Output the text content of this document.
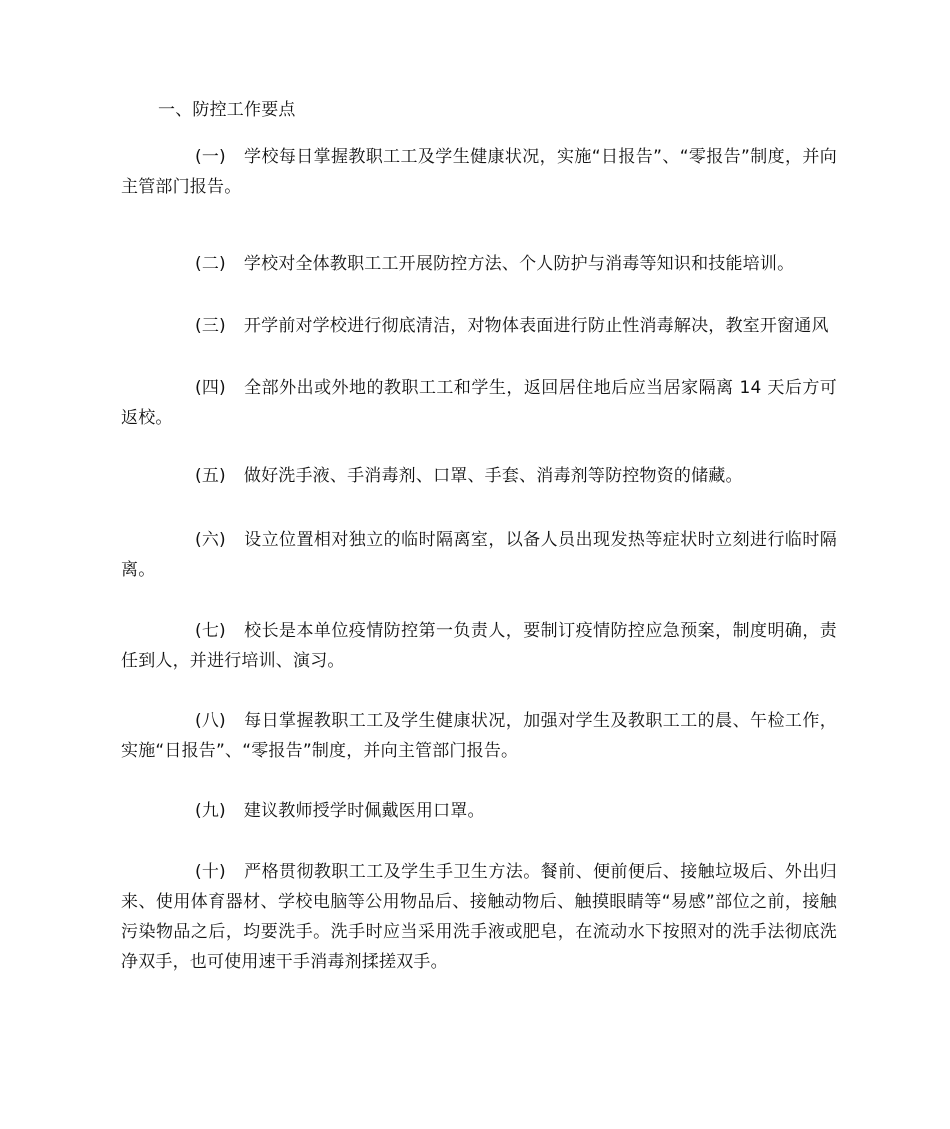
一、防控工作要点

(一) 学校每日掌握教职工工及学生健康状况，实施“日报告”、“零报告”制度，并向主管部门报告。

(二) 学校对全体教职工工开展防控方法、个人防护与消毒等知识和技能培训。

(三) 开学前对学校进行彻底清洁，对物体表面进行防止性消毒解决，教室开窗通风

(四) 全部外出或外地的教职工工和学生，返回居住地后应当居家隔离 14 天后方可返校。

(五) 做好洗手液、手消毒剂、口罩、手套、消毒剂等防控物资的储藏。

(六) 设立位置相对独立的临时隔离室，以备人员出现发热等症状时立刻进行临时隔离。

(七) 校长是本单位疫情防控第一负责人，要制订疫情防控应急预案，制度明确，责任到人，并进行培训、演习。

(八) 每日掌握教职工工及学生健康状况，加强对学生及教职工工的晨、午检工作，实施“日报告”、“零报告”制度，并向主管部门报告。

(九) 建议教师授学时佩戴医用口罩。

(十) 严格贯彻教职工工及学生手卫生方法。餐前、便前便后、接触垃圾后、外出归来、使用体育器材、学校电脑等公用物品后、接触动物后、触摸眼睛等“易感”部位之前，接触污染物品之后，均要洗手。洗手时应当采用洗手液或肥皂，在流动水下按照对的洗手法彻底洗净双手，也可使用速干手消毒剂揉搓双手。
